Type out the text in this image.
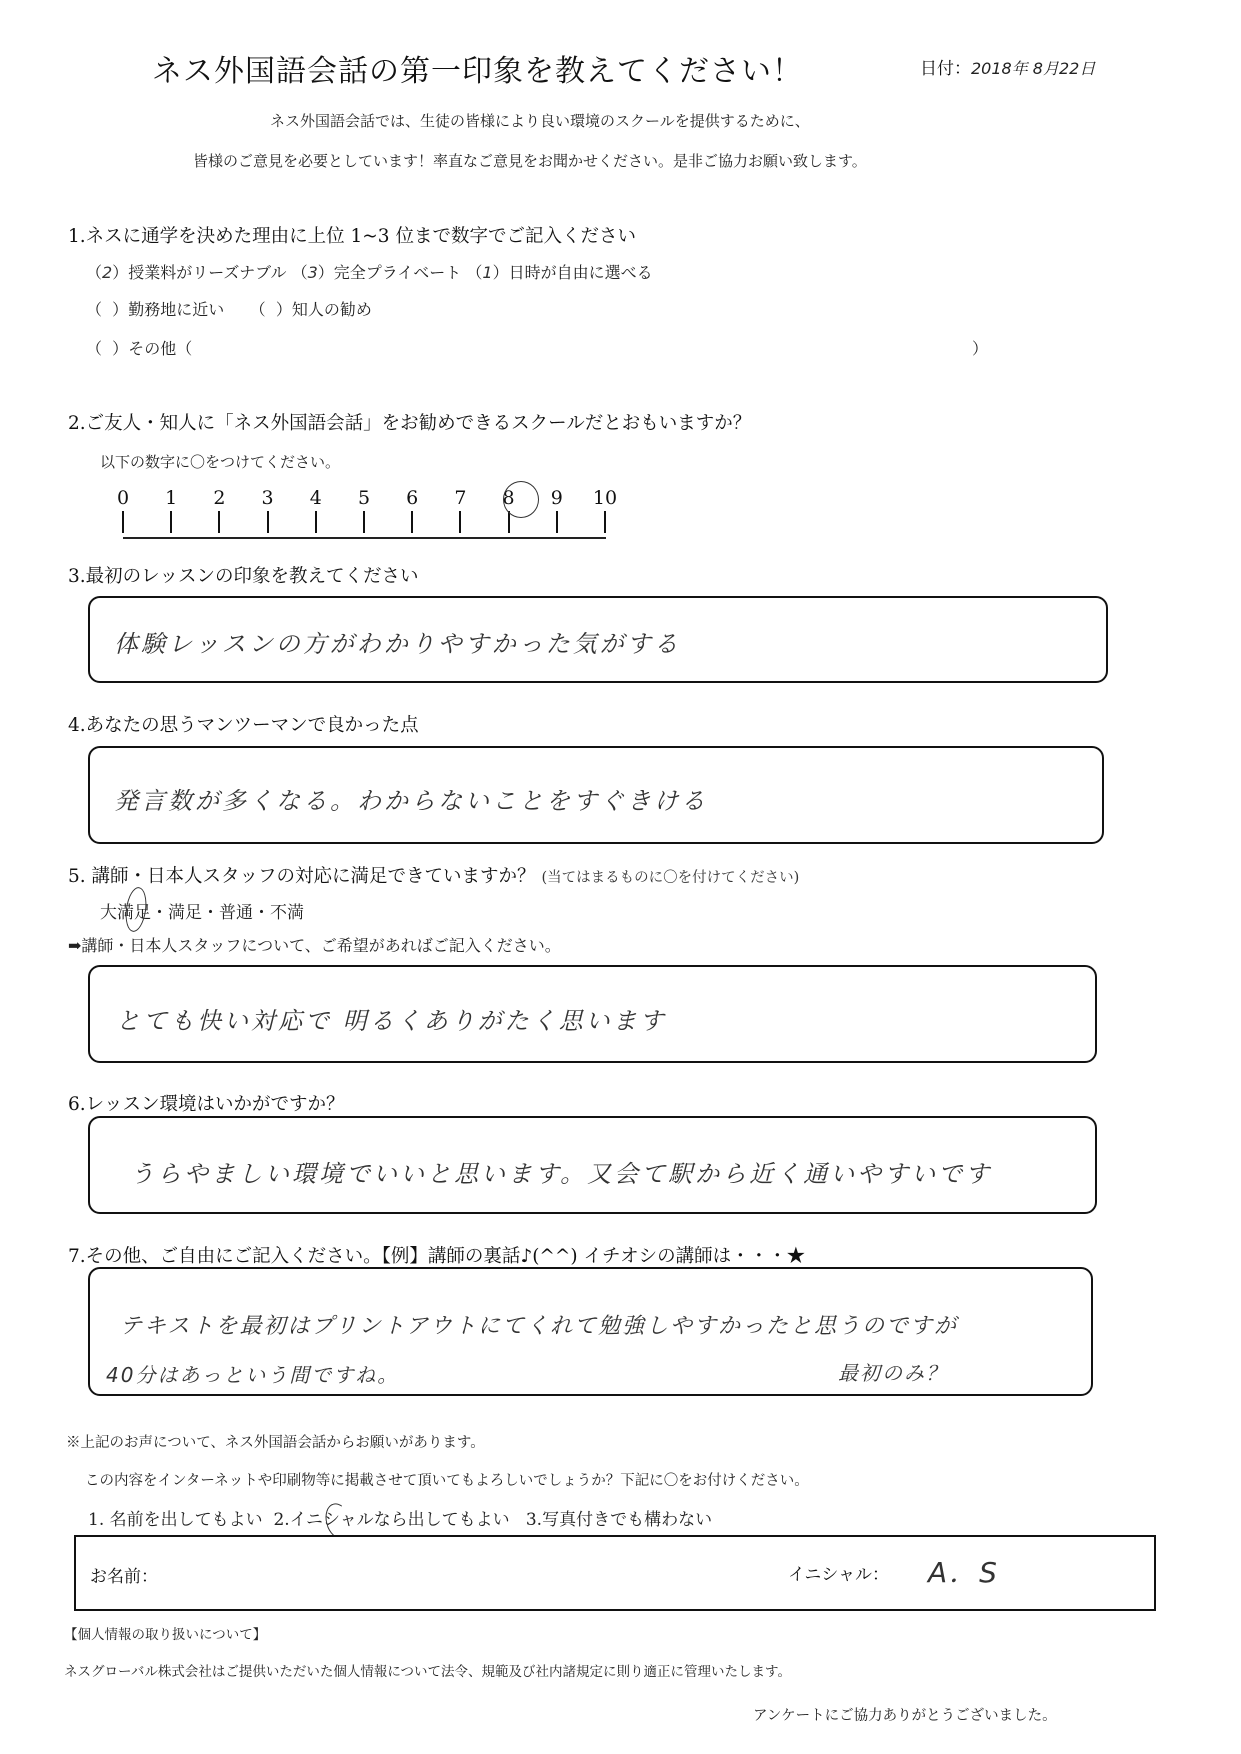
ネス外国語会話の第一印象を教えてください！	日付：2018年 8月22日
ネス外国語会話では、生徒の皆様により良い環境のスクールを提供するために、
皆様のご意見を必要としています！率直なご意見をお聞かせください。是非ご協力お願い致します。
1.ネスに通学を決めた理由に上位 1~3 位まで数字でご記入ください
（2）授業料がリーズナブル （3）完全プライベート （1）日時が自由に選べる
（  ）勤務地に近い （  ）知人の勧め
（  ）その他（	）
2.ご友人・知人に「ネス外国語会話」をお勧めできるスクールだとおもいますか？
以下の数字に〇をつけてください。
0 1 2 3 4 5 6 7 8 9 10
3.最初のレッスンの印象を教えてください
体験レッスンの方がわかりやすかった気がする
4.あなたの思うマンツーマンで良かった点
発言数が多くなる。わからないことをすぐきける
5. 講師・日本人スタッフの対応に満足できていますか？ (当てはまるものに〇を付けてください)
大満足・満足・普通・不満
➡講師・日本人スタッフについて、ご希望があればご記入ください。
とても快い対応で 明るくありがたく思います
6.レッスン環境はいかがですか？
うらやましい環境でいいと思います。又会て駅から近く通いやすいです
7.その他、ご自由にご記入ください。【例】講師の裏話♪(^^) イチオシの講師は・・・★
テキストを最初はプリントアウトにてくれて勉強しやすかったと思うのですが
40分はあっという間ですね。	最初のみ？
※上記のお声について、ネス外国語会話からお願いがあります。
この内容をインターネットや印刷物等に掲載させて頂いてもよろしいでしょうか？下記に〇をお付けください。
1. 名前を出してもよい 2.イニシャルなら出してもよい 3.写真付きでも構わない
お名前：	イニシャル： A．S
【個人情報の取り扱いについて】
ネスグローバル株式会社はご提供いただいた個人情報について法令、規範及び社内諸規定に則り適正に管理いたします。
アンケートにご協力ありがとうございました。
